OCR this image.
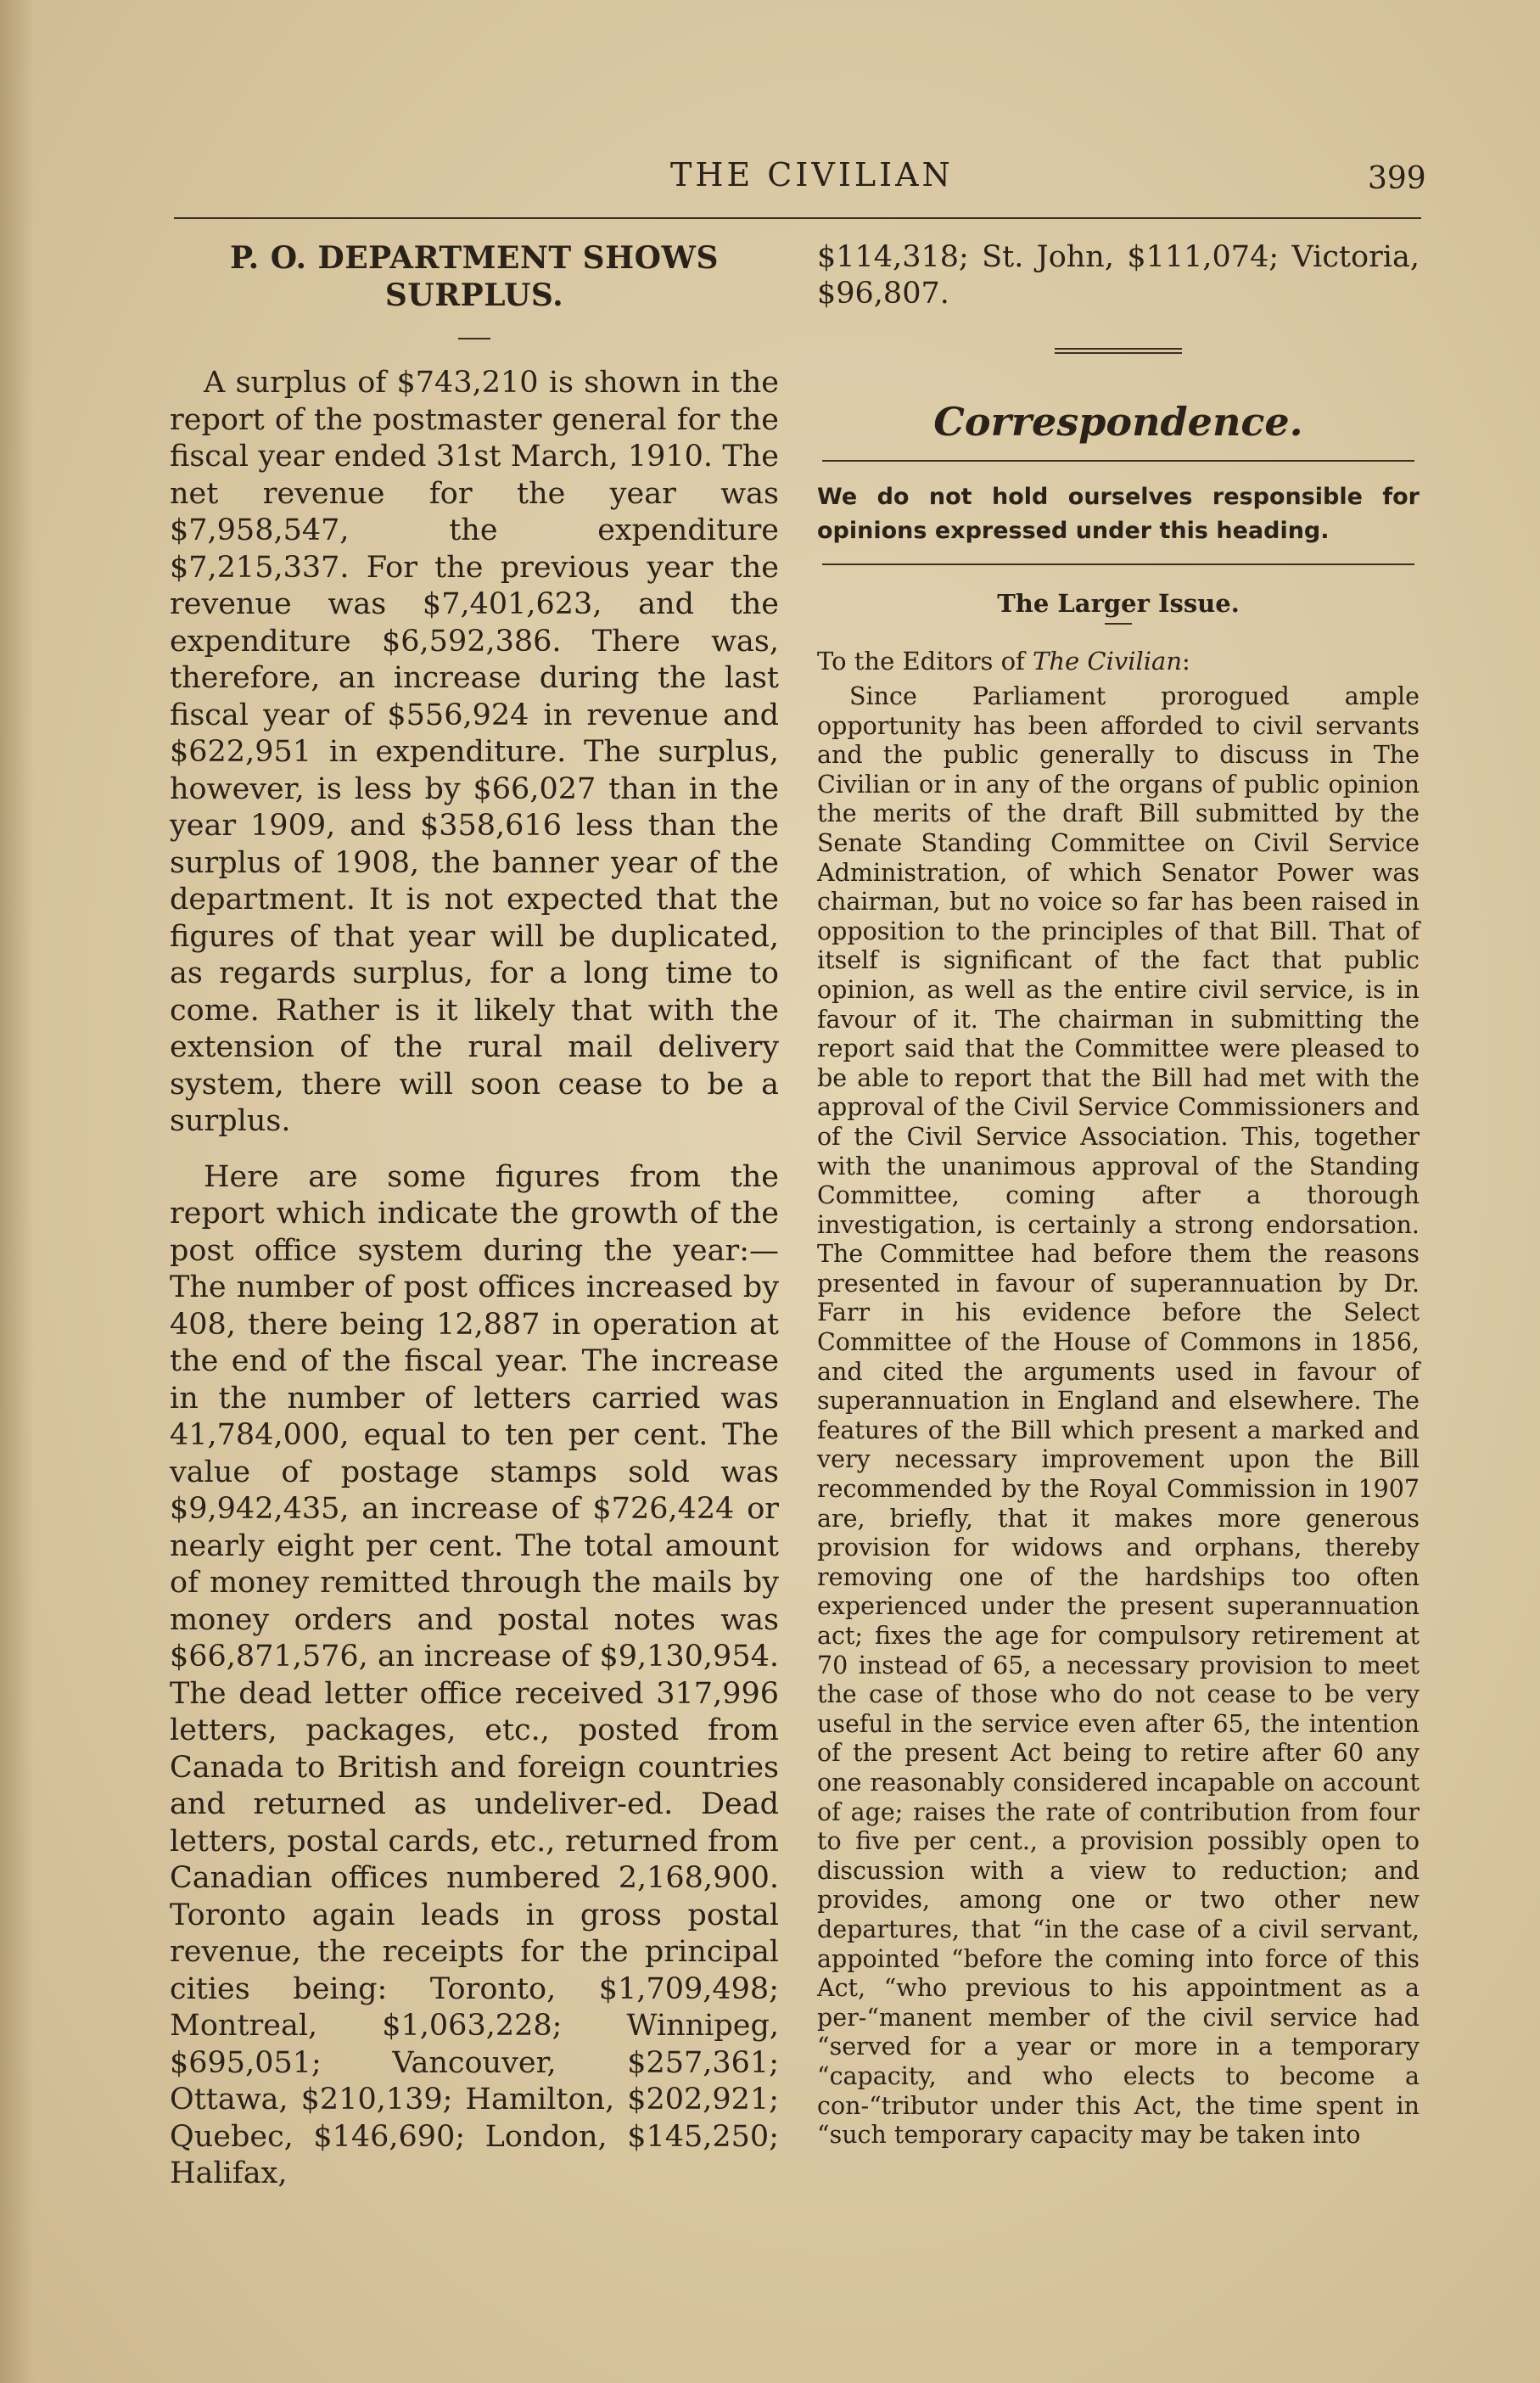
THE CIVILIAN	399
P. O. DEPARTMENT SHOWS SURPLUS.

A surplus of $743,210 is shown in the report of the postmaster general for the fiscal year ended 31st March, 1910. The net revenue for the year was $7,958,547, the expenditure $7,215,337. For the previous year the revenue was $7,401,623, and the expenditure $6,592,386. There was, therefore, an increase during the last fiscal year of $556,924 in revenue and $622,951 in expenditure. The surplus, however, is less by $66,027 than in the year 1909, and $358,616 less than the surplus of 1908, the banner year of the department. It is not expected that the figures of that year will be duplicated, as regards surplus, for a long time to come. Rather is it likely that with the extension of the rural mail delivery system, there will soon cease to be a surplus.

Here are some figures from the report which indicate the growth of the post office system during the year:—The number of post offices increased by 408, there being 12,887 in operation at the end of the fiscal year. The increase in the number of letters carried was 41,784,000, equal to ten per cent. The value of postage stamps sold was $9,942,435, an increase of $726,424 or nearly eight per cent. The total amount of money remitted through the mails by money orders and postal notes was $66,871,576, an increase of $9,130,954. The dead letter office received 317,996 letters, packages, etc., posted from Canada to British and foreign countries and returned as undeliver-ed. Dead letters, postal cards, etc., returned from Canadian offices numbered 2,168,900. Toronto again leads in gross postal revenue, the receipts for the principal cities being: Toronto, $1,709,498; Montreal, $1,063,228; Winnipeg, $695,051; Vancouver, $257,361; Ottawa, $210,139; Hamilton, $202,921; Quebec, $146,690; London, $145,250; Halifax,

$114,318; St. John, $111,074; Victoria, $96,807.

Correspondence.

We do not hold ourselves responsible for opinions expressed under this heading.

The Larger Issue.

To the Editors of The Civilian:

Since Parliament prorogued ample opportunity has been afforded to civil servants and the public generally to discuss in The Civilian or in any of the organs of public opinion the merits of the draft Bill submitted by the Senate Standing Committee on Civil Service Administration, of which Senator Power was chairman, but no voice so far has been raised in opposition to the principles of that Bill. That of itself is significant of the fact that public opinion, as well as the entire civil service, is in favour of it. The chairman in submitting the report said that the Committee were pleased to be able to report that the Bill had met with the approval of the Civil Service Commissioners and of the Civil Service Association. This, together with the unanimous approval of the Standing Committee, coming after a thorough investigation, is certainly a strong endorsation. The Committee had before them the reasons presented in favour of superannuation by Dr. Farr in his evidence before the Select Committee of the House of Commons in 1856, and cited the arguments used in favour of superannuation in England and elsewhere. The features of the Bill which present a marked and very necessary improvement upon the Bill recommended by the Royal Commission in 1907 are, briefly, that it makes more generous provision for widows and orphans, thereby removing one of the hardships too often experienced under the present superannuation act; fixes the age for compulsory retirement at 70 instead of 65, a necessary provision to meet the case of those who do not cease to be very useful in the service even after 65, the intention of the present Act being to retire after 60 any one reasonably considered incapable on account of age; raises the rate of contribution from four to five per cent., a provision possibly open to discussion with a view to reduction; and provides, among one or two other new departures, that “in the case of a civil servant, appointed “before the coming into force of this Act, “who previous to his appointment as a per-“manent member of the civil service had “served for a year or more in a temporary “capacity, and who elects to become a con-“tributor under this Act, the time spent in “such temporary capacity may be taken into
